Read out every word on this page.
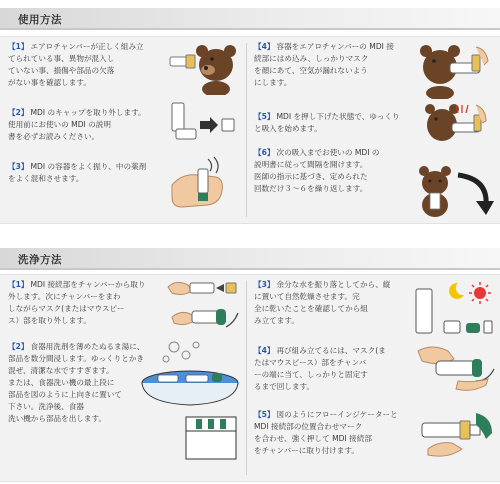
使用方法
【1】 エアロチャンバーが正しく組み立
てられている事、異物が混入し
ていない事、損傷や部品の欠落
がない事を確認します。
【2】 MDI のキャップを取り外します。
使用前にお使いの MDI の説明
書を必ずお読みください。
【3】 MDI の容器をよく振り、中の薬剤
をよく混和させます。
【4】 容器をエアロチャンバーの MDI 接
続部にはめ込み、しっかりマスク
を顔にあて、空気が漏れないよう
にします。
【5】 MDI を押し下げた状態で、ゆっくり
と吸入を始めます。
【6】 次の吸入までお使いの MDI の
説明書に従って間隔を開けます。
医師の指示に基づき、定められた
回数だけ３～６を繰り返します。
洗浄方法
【1】 MDI 接続部をチャンバーから取り
外します。次にチャンバーをまわ
しながらマスク(またはマウスピー
ス）部を取り外します。
【2】 食器用洗剤を薄めたぬるま湯に、
部品を数分間浸します。ゆっくりとかき
混ぜ、清潔な水ですすぎます。
または、食器洗い機の最上段に
部品を図のように上向きに置いて
下さい。洗浄後、食器
洗い機から部品を出します。
【3】 余分な水を振り落としてから、縦
に置いて自然乾燥させます。完
全に乾いたことを確認してから組
み立てます。
【4】 再び組み立てるには、マスク(ま
たはマウスピース）部をチャンバ
ーの端に当て、しっかりと固定す
るまで回します。
【5】 図のようにフローインジケーターと
MDI 接続部の位置合わせマーク
を合わせ、強く押して MDI 接続部
をチャンバーに取り付けます。
